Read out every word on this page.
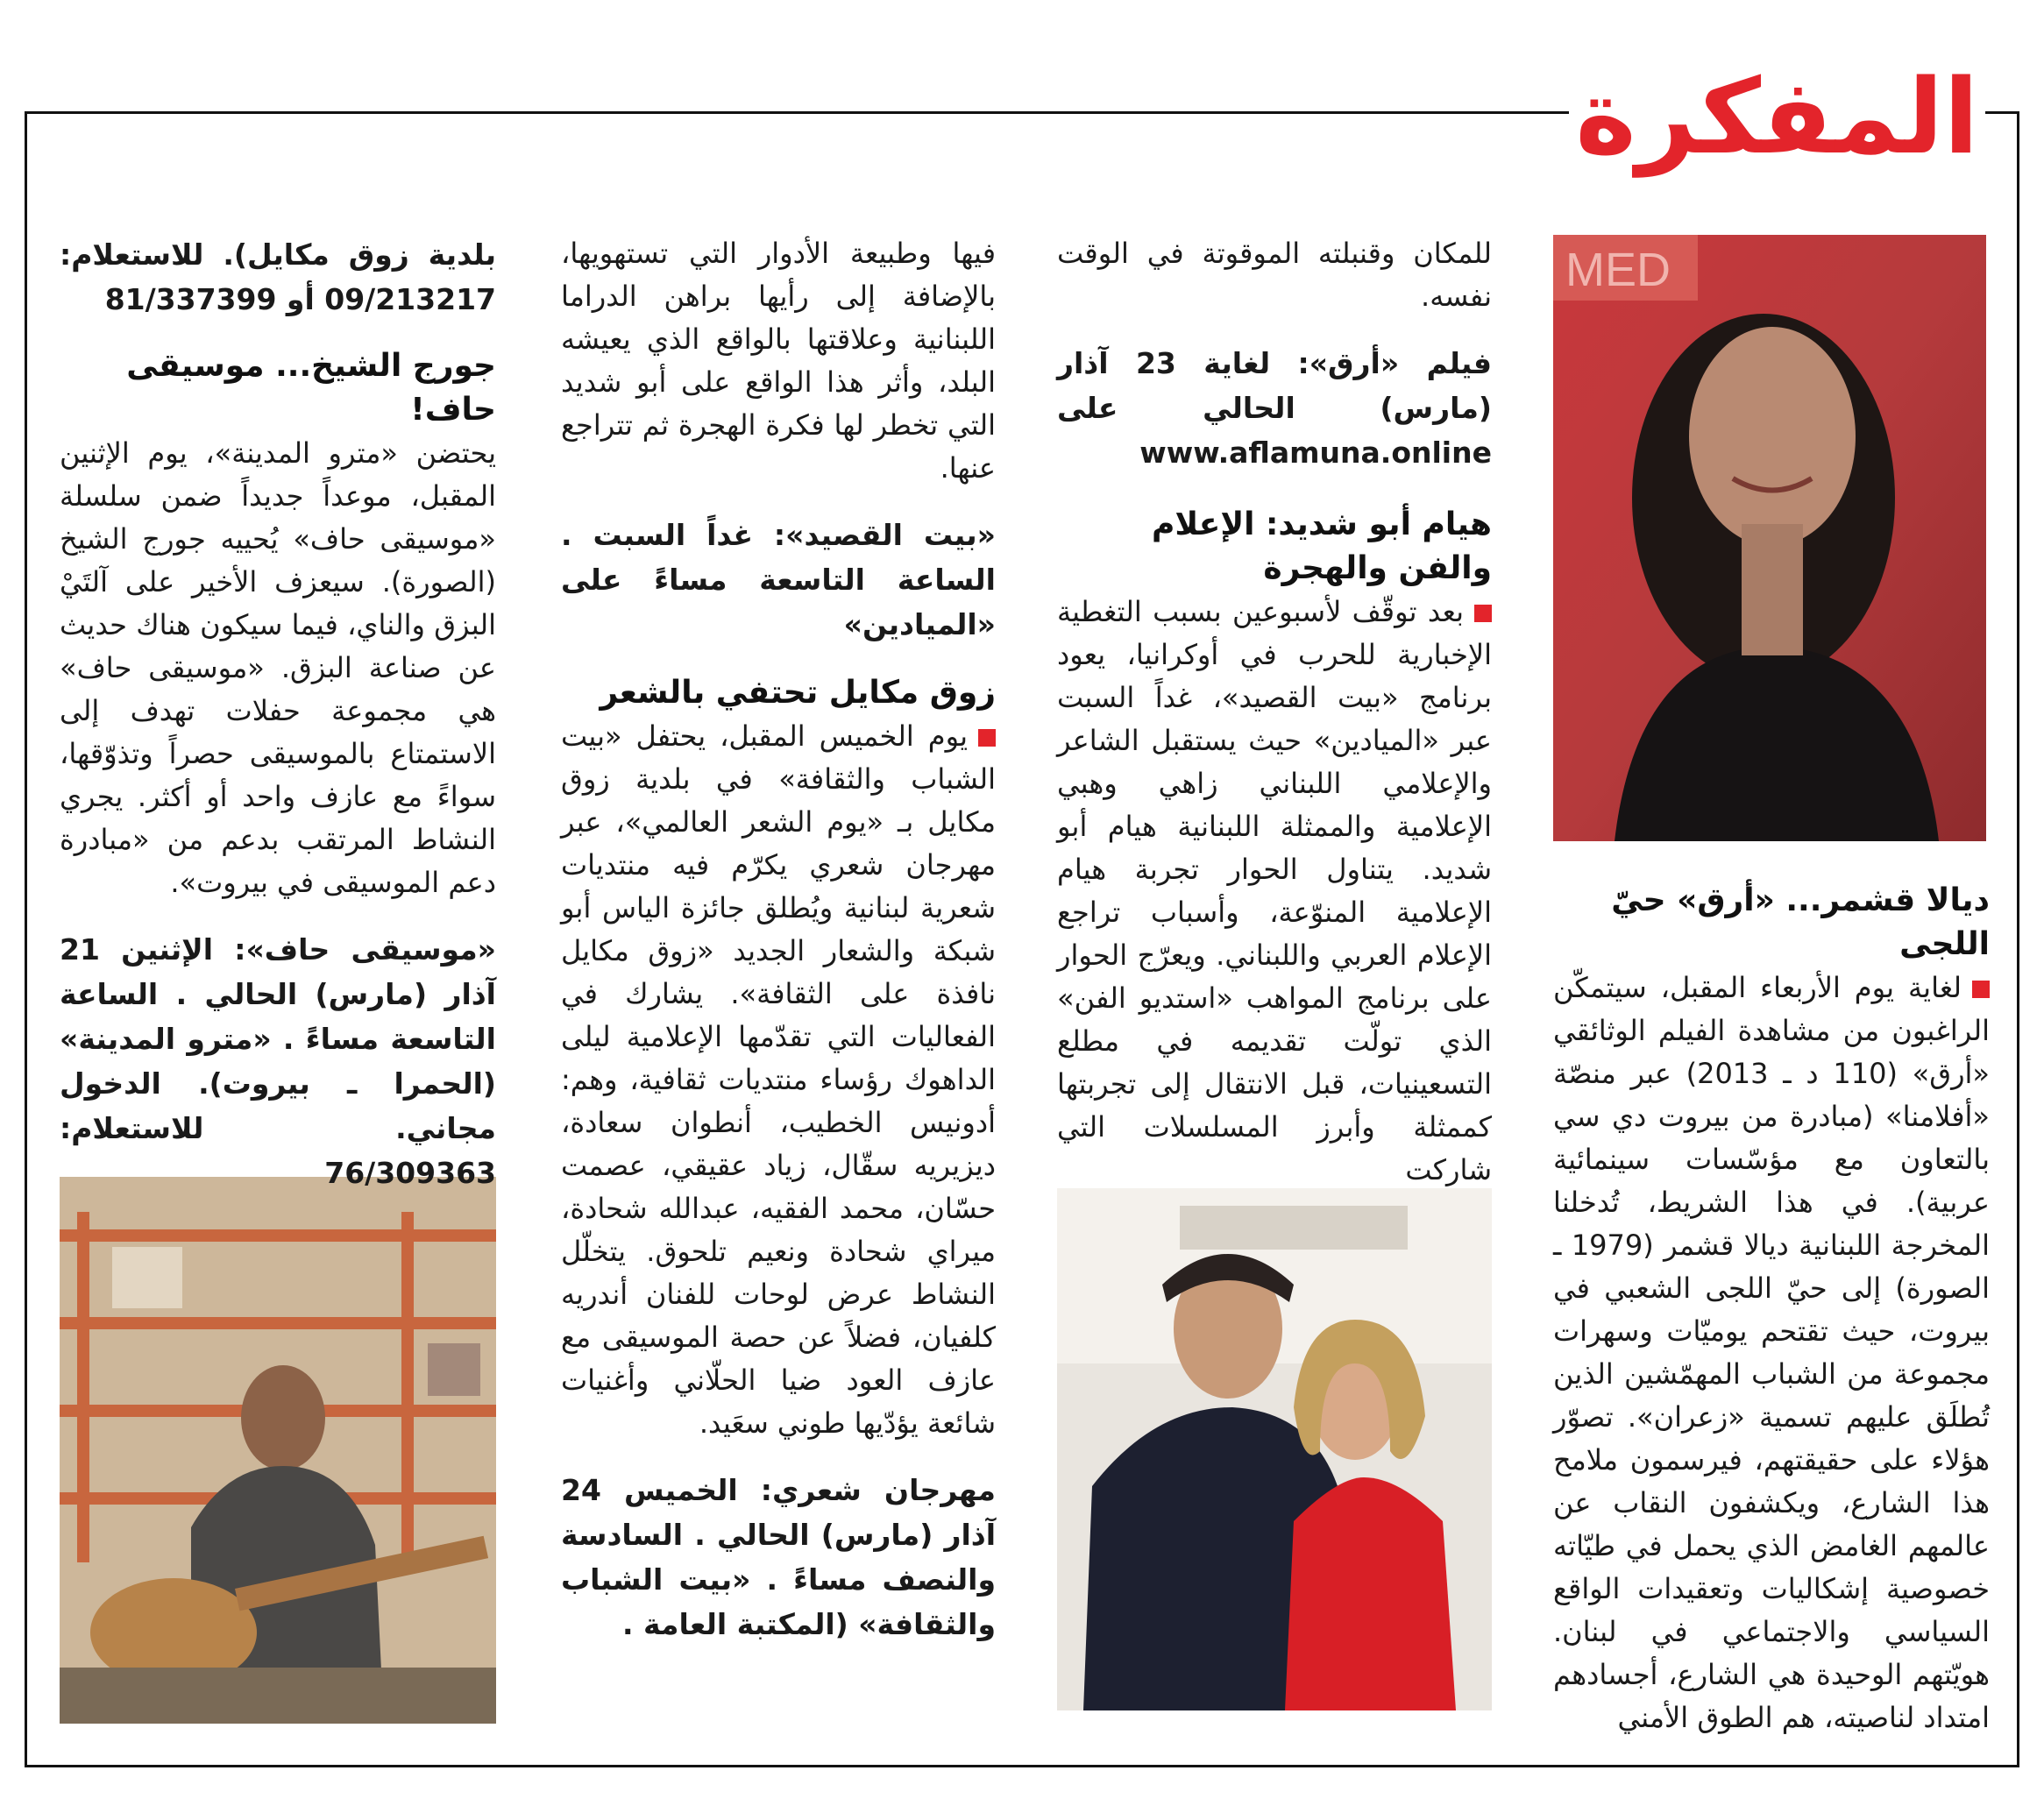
المفكرة
MED
ديالا قشمر... «أرق» حيّ اللجى

لغاية يوم الأربعاء المقبل، سيتمكّن الراغبون من مشاهدة الفيلم الوثائقي «أرق» (110 د ـ 2013) عبر منصّة «أفلامنا» (مبادرة من بيروت دي سي بالتعاون مع مؤسّسات سينمائية عربية). في هذا الشريط، تُدخلنا المخرجة اللبنانية ديالا قشمر (1979 ـ الصورة) إلى حيّ اللجى الشعبي في بيروت، حيث تقتحم يوميّات وسهرات مجموعة من الشباب المهمّشين الذين تُطلَق عليهم تسمية «زعران». تصوّر هؤلاء على حقيقتهم، فيرسمون ملامح هذا الشارع، ويكشفون النقاب عن عالمهم الغامض الذي يحمل في طيّاته خصوصية إشكاليات وتعقيدات الواقع السياسي والاجتماعي في لبنان. هويّتهم الوحيدة هي الشارع، أجسادهم امتداد لناصيته، هم الطوق الأمني

للمكان وقنبلته الموقوتة في الوقت نفسه.

فيلم «أرق»: لغاية 23 آذار (مارس) الحالي على www.aflamuna.online

هيام أبو شديد: الإعلام والفن والهجرة

بعد توقّف لأسبوعين بسبب التغطية الإخبارية للحرب في أوكرانيا، يعود برنامج «بيت القصيد»، غداً السبت عبر «الميادين» حيث يستقبل الشاعر والإعلامي اللبناني زاهي وهبي الإعلامية والممثلة اللبنانية هيام أبو شديد. يتناول الحوار تجربة هيام الإعلامية المنوّعة، وأسباب تراجع الإعلام العربي واللبناني. ويعرّج الحوار على برنامج المواهب «استديو الفن» الذي تولّت تقديمه في مطلع التسعينيات، قبل الانتقال إلى تجربتها كممثلة وأبرز المسلسلات التي شاركت

فيها وطبيعة الأدوار التي تستهويها، بالإضافة إلى رأيها براهن الدراما اللبنانية وعلاقتها بالواقع الذي يعيشه البلد، وأثر هذا الواقع على أبو شديد التي تخطر لها فكرة الهجرة ثم تتراجع عنها.

«بيت القصيد»: غداً السبت . الساعة التاسعة مساءً على «الميادين»

زوق مكايل تحتفي بالشعر

يوم الخميس المقبل، يحتفل «بيت الشباب والثقافة» في بلدية زوق مكايل بـ «يوم الشعر العالمي»، عبر مهرجان شعري يكرّم فيه منتديات شعرية لبنانية ويُطلق جائزة الياس أبو شبكة والشعار الجديد «زوق مكايل نافذة على الثقافة». يشارك في الفعاليات التي تقدّمها الإعلامية ليلى الداهوك رؤساء منتديات ثقافية، وهم: أدونيس الخطيب، أنطوان سعادة، ديزيريه سقّال، زياد عقيقي، عصمت حسّان، محمد الفقيه، عبدالله شحادة، ميراي شحادة ونعيم تلحوق. يتخلّل النشاط عرض لوحات للفنان أندريه كلفيان، فضلاً عن حصة الموسيقى مع عازف العود ضيا الحلّاني وأغنيات شائعة يؤدّيها طوني سعَيد.

مهرجان شعري: الخميس 24 آذار (مارس) الحالي . السادسة والنصف مساءً . «بيت الشباب والثقافة» (المكتبة العامة .

بلدية زوق مكايل). للاستعلام: 09/213217 أو 81/337399

جورج الشيخ... موسيقى حاف!

يحتضن «مترو المدينة»، يوم الإثنين المقبل، موعداً جديداً ضمن سلسلة «موسيقى حاف» يُحييه جورج الشيخ (الصورة). سيعزف الأخير على آلتَيْ البزق والناي، فيما سيكون هناك حديث عن صناعة البزق. «موسيقى حاف» هي مجموعة حفلات تهدف إلى الاستمتاع بالموسيقى حصراً وتذوّقها، سواءً مع عازف واحد أو أكثر. يجري النشاط المرتقب بدعم من «مبادرة دعم الموسيقى في بيروت».

«موسيقى حاف»: الإثنين 21 آذار (مارس) الحالي . الساعة التاسعة مساءً . «مترو المدينة» (الحمرا ـ بيروت). الدخول مجاني. للاستعلام: 76/309363
